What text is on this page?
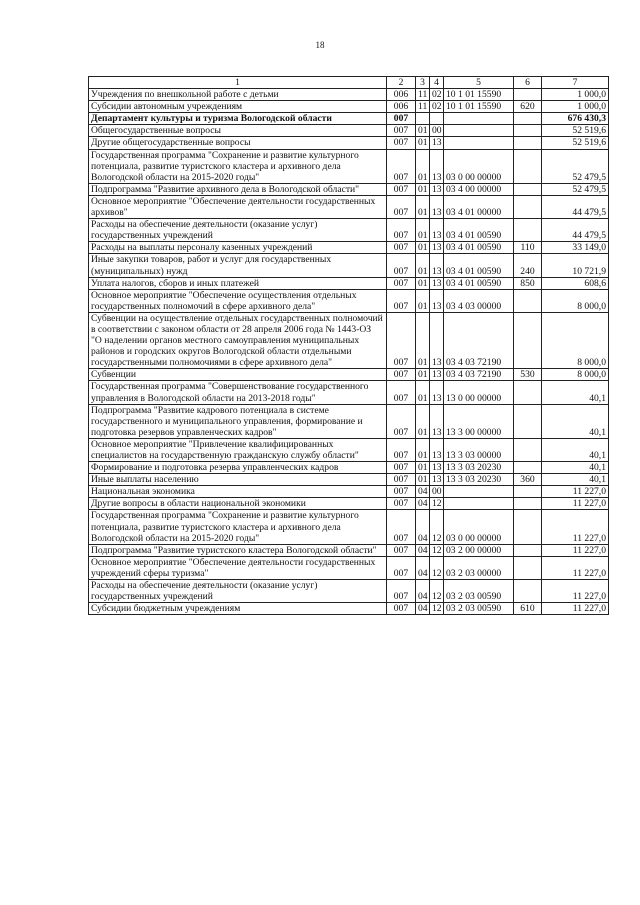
18
1	2	3	4	5	6	7
Учреждения по внешкольной работе с детьми	006	11	02	10 1 01 15590		1 000,0
Субсидии автономным учреждениям	006	11	02	10 1 01 15590	620	1 000,0
Департамент культуры и туризма Вологодской области	007					676 430,3
Общегосударственные вопросы	007	01	00			52 519,6
Другие общегосударственные вопросы	007	01	13			52 519,6
Государственная программа "Сохранение и развитие культурного потенциала, развитие туристского кластера и архивного дела Вологодской области на 2015-2020 годы"	007	01	13	03 0 00 00000		52 479,5
Подпрограмма "Развитие архивного дела в Вологодской области"	007	01	13	03 4 00 00000		52 479,5
Основное мероприятие "Обеспечение деятельности государственных архивов"	007	01	13	03 4 01 00000		44 479,5
Расходы на обеспечение деятельности (оказание услуг) государственных учреждений	007	01	13	03 4 01 00590		44 479,5
Расходы на выплаты персоналу казенных учреждений	007	01	13	03 4 01 00590	110	33 149,0
Иные закупки товаров, работ и услуг для государственных (муниципальных) нужд	007	01	13	03 4 01 00590	240	10 721,9
Уплата налогов, сборов и иных платежей	007	01	13	03 4 01 00590	850	608,6
Основное мероприятие "Обеспечение осуществления отдельных государственных полномочий в сфере архивного дела"	007	01	13	03 4 03 00000		8 000,0
Субвенции на осуществление отдельных государственных полномочий в соответствии с законом области от 28 апреля 2006 года № 1443-ОЗ "О наделении органов местного самоуправления муниципальных районов и городских округов Вологодской области отдельными государственными полномочиями в сфере архивного дела"	007	01	13	03 4 03 72190		8 000,0
Субвенции	007	01	13	03 4 03 72190	530	8 000,0
Государственная программа "Совершенствование государственного управления в Вологодской области на 2013-2018 годы"	007	01	13	13 0 00 00000		40,1
Подпрограмма "Развитие кадрового потенциала в системе государственного и муниципального управления, формирование и подготовка резервов управленческих кадров"	007	01	13	13 3 00 00000		40,1
Основное мероприятие "Привлечение квалифицированных специалистов на государственную гражданскую службу области"	007	01	13	13 3 03 00000		40,1
Формирование и подготовка резерва управленческих кадров	007	01	13	13 3 03 20230		40,1
Иные выплаты населению	007	01	13	13 3 03 20230	360	40,1
Национальная экономика	007	04	00			11 227,0
Другие вопросы в области национальной экономики	007	04	12			11 227,0
Государственная программа "Сохранение и развитие культурного потенциала, развитие туристского кластера и архивного дела Вологодской области на 2015-2020 годы"	007	04	12	03 0 00 00000		11 227,0
Подпрограмма "Развитие туристского кластера Вологодской области"	007	04	12	03 2 00 00000		11 227,0
Основное мероприятие "Обеспечение деятельности государственных учреждений сферы туризма"	007	04	12	03 2 03 00000		11 227,0
Расходы на обеспечение деятельности (оказание услуг) государственных учреждений	007	04	12	03 2 03 00590		11 227,0
Субсидии бюджетным учреждениям	007	04	12	03 2 03 00590	610	11 227,0
